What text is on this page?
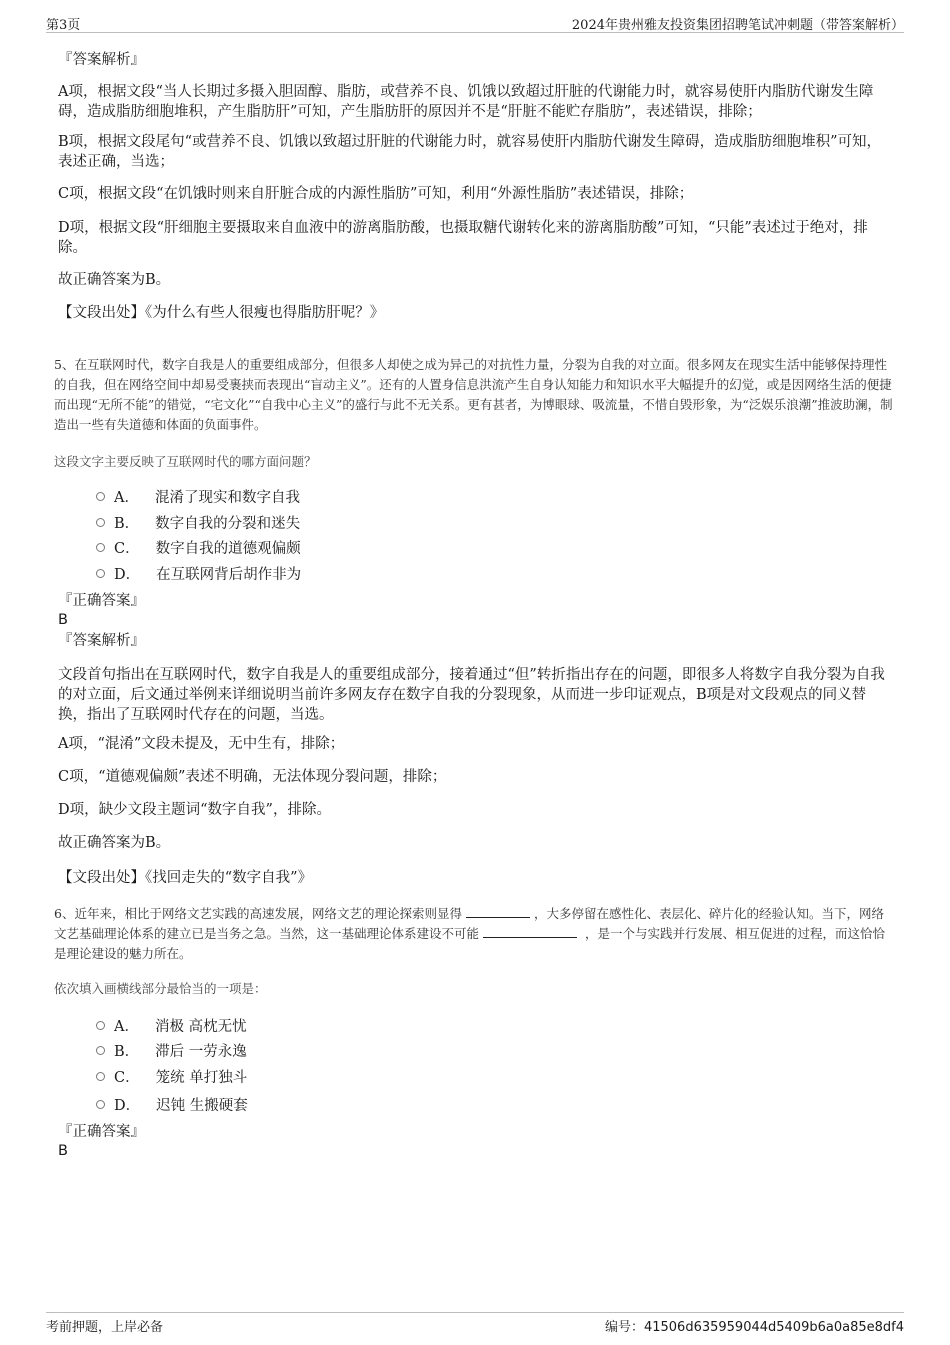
第3页	2024年贵州雅友投资集团招聘笔试冲刺题（带答案解析）
『答案解析』
A项，根据文段“当人长期过多摄入胆固醇、脂肪，或营养不良、饥饿以致超过肝脏的代谢能力时，就容易使肝内脂肪代谢发生障碍，造成脂肪细胞堆积，产生脂肪肝”可知，产生脂肪肝的原因并不是“肝脏不能贮存脂肪”，表述错误，排除；
B项，根据文段尾句“或营养不良、饥饿以致超过肝脏的代谢能力时，就容易使肝内脂肪代谢发生障碍，造成脂肪细胞堆积”可知，表述正确，当选；
C项，根据文段“在饥饿时则来自肝脏合成的内源性脂肪”可知，利用“外源性脂肪”表述错误，排除；
D项，根据文段“肝细胞主要摄取来自血液中的游离脂肪酸，也摄取糖代谢转化来的游离脂肪酸”可知，“只能”表述过于绝对，排除。
故正确答案为B。
【文段出处】《为什么有些人很瘦也得脂肪肝呢？》
5、在互联网时代，数字自我是人的重要组成部分，但很多人却使之成为异己的对抗性力量，分裂为自我的对立面。很多网友在现实生活中能够保持理性的自我，但在网络空间中却易受裹挟而表现出“盲动主义”。还有的人置身信息洪流产生自身认知能力和知识水平大幅提升的幻觉，或是因网络生活的便捷而出现“无所不能”的错觉，“宅文化”“自我中心主义”的盛行与此不无关系。更有甚者，为博眼球、吸流量，不惜自毁形象，为“泛娱乐浪潮”推波助澜，制造出一些有失道德和体面的负面事件。
这段文字主要反映了互联网时代的哪方面问题？
A． 混淆了现实和数字自我
B． 数字自我的分裂和迷失
C． 数字自我的道德观偏颇
D． 在互联网背后胡作非为
『正确答案』
B
『答案解析』
文段首句指出在互联网时代，数字自我是人的重要组成部分，接着通过“但”转折指出存在的问题，即很多人将数字自我分裂为自我的对立面，后文通过举例来详细说明当前许多网友存在数字自我的分裂现象，从而进一步印证观点，B项是对文段观点的同义替换，指出了互联网时代存在的问题，当选。
A项，“混淆”文段未提及，无中生有，排除；
C项，“道德观偏颇”表述不明确，无法体现分裂问题，排除；
D项，缺少文段主题词“数字自我”，排除。
故正确答案为B。
【文段出处】《找回走失的“数字自我”》
6、近年来，相比于网络文艺实践的高速发展，网络文艺的理论探索则显得	，大多停留在感性化、表层化、碎片化的经验认知。当下，网络文艺基础理论体系的建立已是当务之急。当然，这一基础理论体系建设不可能	，是一个与实践并行发展、相互促进的过程，而这恰恰是理论建设的魅力所在。
依次填入画横线部分最恰当的一项是：
A． 消极 高枕无忧
B． 滞后 一劳永逸
C． 笼统 单打独斗
D． 迟钝 生搬硬套
『正确答案』
B
考前押题，上岸必备	编号：41506d635959044d5409b6a0a85e8df4
